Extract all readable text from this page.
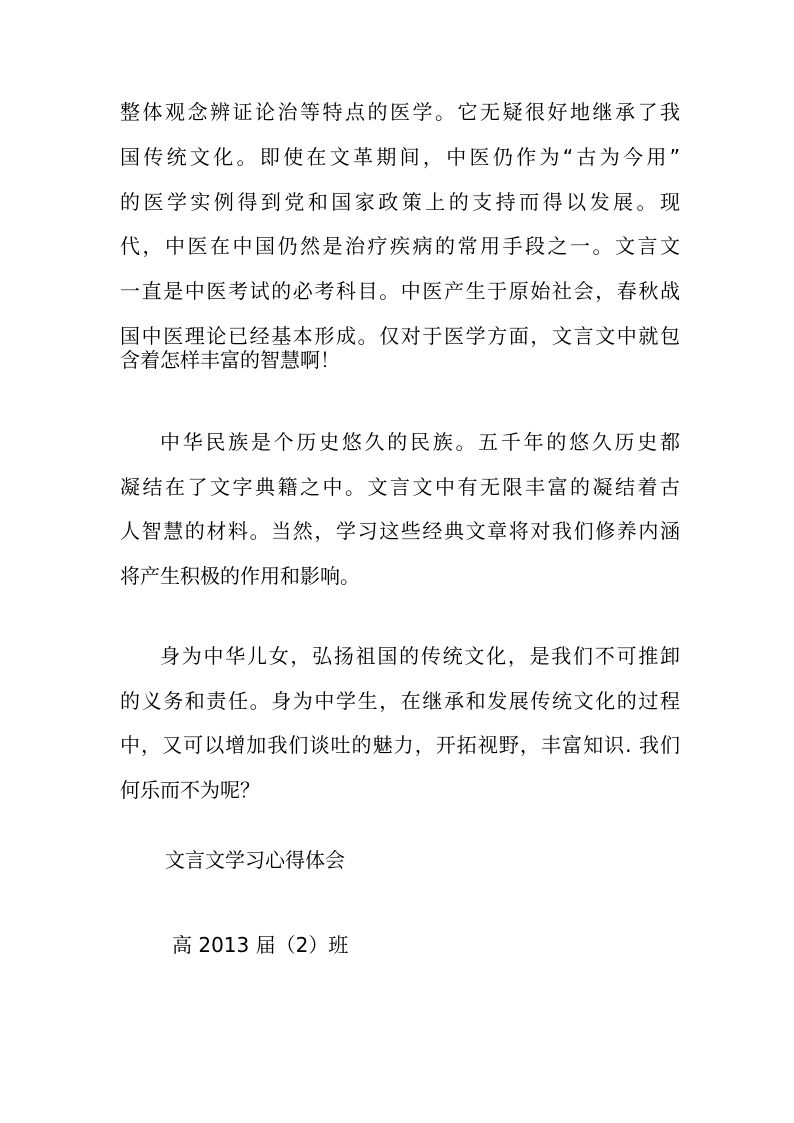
整体观念辨证论治等特点的医学。它无疑很好地继承了我
国传统文化。即使在文革期间，中医仍作为“古为今用”
的医学实例得到党和国家政策上的支持而得以发展。现
代，中医在中国仍然是治疗疾病的常用手段之一。文言文
一直是中医考试的必考科目。中医产生于原始社会，春秋战
国中医理论已经基本形成。仅对于医学方面，文言文中就包
含着怎样丰富的智慧啊！
中华民族是个历史悠久的民族。五千年的悠久历史都
凝结在了文字典籍之中。文言文中有无限丰富的凝结着古
人智慧的材料。当然，学习这些经典文章将对我们修养内涵
将产生积极的作用和影响。
身为中华儿女，弘扬祖国的传统文化，是我们不可推卸
的义务和责任。身为中学生，在继承和发展传统文化的过程
中，又可以增加我们谈吐的魅力，开拓视野，丰富知识. 我们
何乐而不为呢？
文言文学习心得体会
高 2013 届（2）班
